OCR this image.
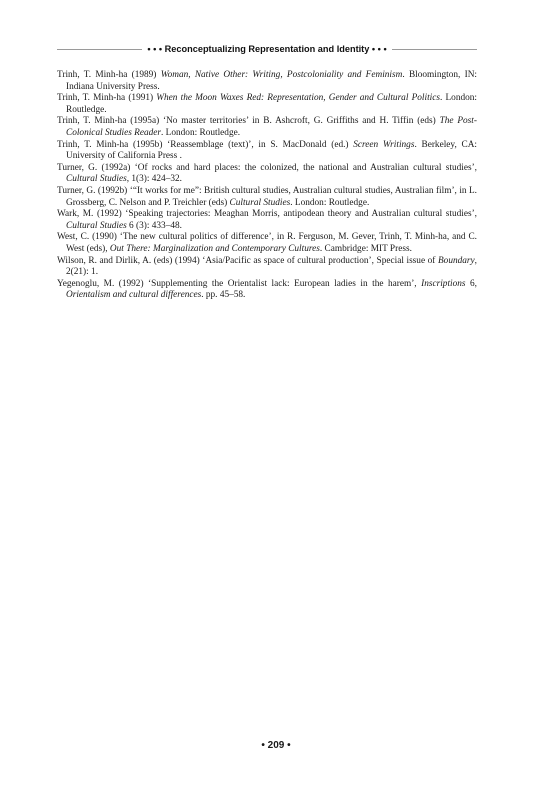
• • • Reconceptualizing Representation and Identity • • •

Trinh, T. Minh-ha (1989) Woman, Native Other: Writing, Postcoloniality and Feminism. Bloomington, IN: Indiana University Press.

Trinh, T. Minh-ha (1991) When the Moon Waxes Red: Representation, Gender and Cultural Politics. London: Routledge.

Trinh, T. Minh-ha (1995a) ‘No master territories’ in B. Ashcroft, G. Griffiths and H. Tiffin (eds) The Post-Colonical Studies Reader. London: Routledge.

Trinh, T. Minh-ha (1995b) ‘Reassemblage (text)’, in S. MacDonald (ed.) Screen Writings. Berkeley, CA: University of California Press .

Turner, G. (1992a) ‘Of rocks and hard places: the colonized, the national and Australian cultural studies’, Cultural Studies, 1(3): 424–32.

Turner, G. (1992b) ‘“It works for me”: British cultural studies, Australian cultural studies, Australian film’, in L. Grossberg, C. Nelson and P. Treichler (eds) Cultural Studies. London: Routledge.

Wark, M. (1992) ‘Speaking trajectories: Meaghan Morris, antipodean theory and Australian cultural studies’, Cultural Studies 6 (3): 433–48.

West, C. (1990) ‘The new cultural politics of difference’, in R. Ferguson, M. Gever, Trinh, T. Minh-ha, and C. West (eds), Out There: Marginalization and Contemporary Cultures. Cambridge: MIT Press.

Wilson, R. and Dirlik, A. (eds) (1994) ‘Asia/Pacific as space of cultural production’, Special issue of Boundary, 2(21): 1.

Yegenoglu, M. (1992) ‘Supplementing the Orientalist lack: European ladies in the harem’, Inscriptions 6, Orientalism and cultural differences. pp. 45–58.

• 209 •
